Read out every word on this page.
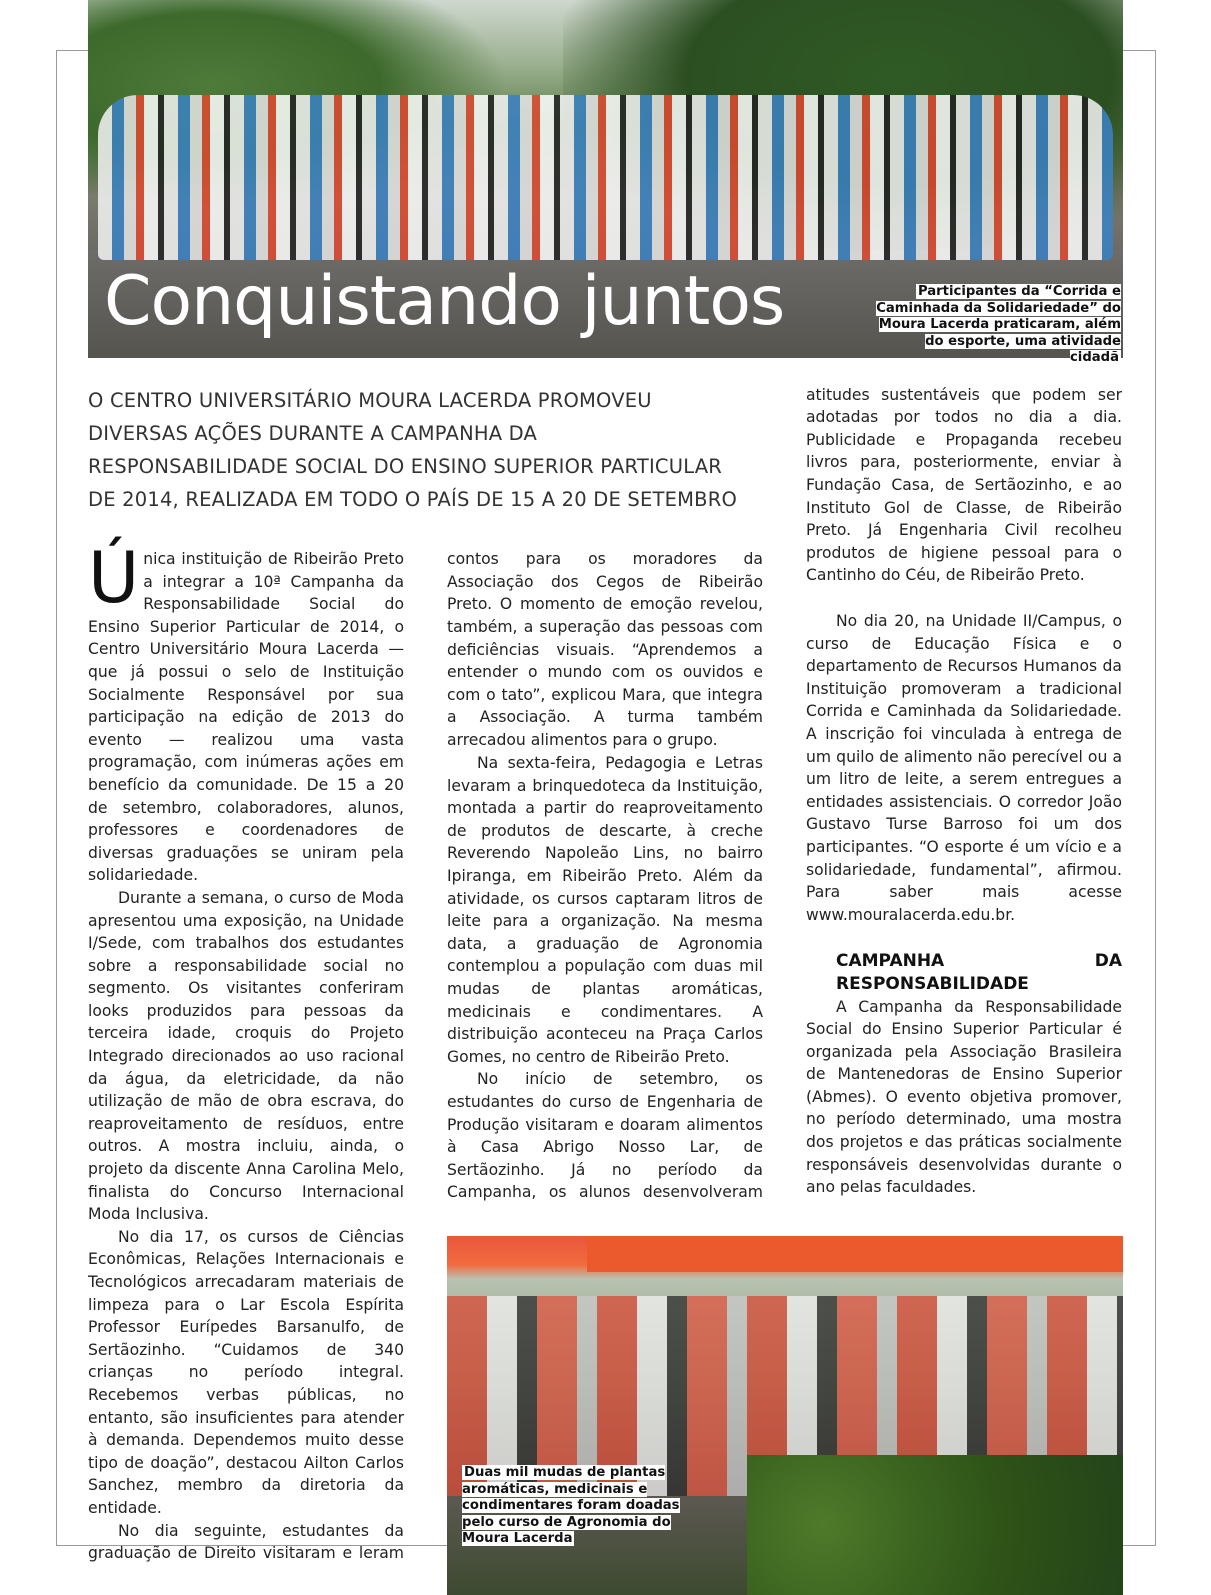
Conquistando juntos	Participantes da “Corrida e Caminhada da Solidariedade” do Moura Lacerda praticaram, além do esporte, uma atividade cidadã
O CENTRO UNIVERSITÁRIO MOURA LACERDA PROMOVEU DIVERSAS AÇÕES DURANTE A CAMPANHA DA RESPONSABILIDADE SOCIAL DO ENSINO SUPERIOR PARTICULAR DE 2014, REALIZADA EM TODO O PAÍS DE 15 A 20 DE SETEMBRO

Única instituição de Ribeirão Preto a integrar a 10ª Campanha da Responsabilidade Social do Ensino Superior Particular de 2014, o Centro Universitário Moura Lacerda — que já possui o selo de Instituição Socialmente Responsável por sua participação na edição de 2013 do evento — realizou uma vasta programação, com inúmeras ações em benefício da comunidade. De 15 a 20 de setembro, colaboradores, alunos, professores e coordenadores de diversas graduações se uniram pela solidariedade.

Durante a semana, o curso de Moda apresentou uma exposição, na Unidade I/Sede, com trabalhos dos estudantes sobre a responsabilidade social no segmento. Os visitantes conferiram looks produzidos para pessoas da terceira idade, croquis do Projeto Integrado direcionados ao uso racional da água, da eletricidade, da não utilização de mão de obra escrava, do reaproveitamento de resíduos, entre outros. A mostra incluiu, ainda, o projeto da discente Anna Carolina Melo, finalista do Concurso Internacional Moda Inclusiva.

No dia 17, os cursos de Ciências Econômicas, Relações Internacionais e Tecnológicos arrecadaram materiais de limpeza para o Lar Escola Espírita Professor Eurípedes Barsanulfo, de Sertãozinho. “Cuidamos de 340 crianças no período integral. Recebemos verbas públicas, no entanto, são insuficientes para atender à demanda. Dependemos muito desse tipo de doação”, destacou Ailton Carlos Sanchez, membro da diretoria da entidade.

No dia seguinte, estudantes da graduação de Direito visitaram e leram

contos para os moradores da Associação dos Cegos de Ribeirão Preto. O momento de emoção revelou, também, a superação das pessoas com deficiências visuais. “Aprendemos a entender o mundo com os ouvidos e com o tato”, explicou Mara, que integra a Associação. A turma também arrecadou alimentos para o grupo.

Na sexta-feira, Pedagogia e Letras levaram a brinquedoteca da Instituição, montada a partir do reaproveitamento de produtos de descarte, à creche Reverendo Napoleão Lins, no bairro Ipiranga, em Ribeirão Preto. Além da atividade, os cursos captaram litros de leite para a organização. Na mesma data, a graduação de Agronomia contemplou a população com duas mil mudas de plantas aromáticas, medicinais e condimentares. A distribuição aconteceu na Praça Carlos Gomes, no centro de Ribeirão Preto.

No início de setembro, os estudantes do curso de Engenharia de Produção visitaram e doaram alimentos à Casa Abrigo Nosso Lar, de Sertãozinho. Já no período da Campanha, os alunos desenvolveram

atitudes sustentáveis que podem ser adotadas por todos no dia a dia. Publicidade e Propaganda recebeu livros para, posteriormente, enviar à Fundação Casa, de Sertãozinho, e ao Instituto Gol de Classe, de Ribeirão Preto. Já Engenharia Civil recolheu produtos de higiene pessoal para o Cantinho do Céu, de Ribeirão Preto.

No dia 20, na Unidade II/Campus, o curso de Educação Física e o departamento de Recursos Humanos da Instituição promoveram a tradicional Corrida e Caminhada da Solidariedade. A inscrição foi vinculada à entrega de um quilo de alimento não perecível ou a um litro de leite, a serem entregues a entidades assistenciais. O corredor João Gustavo Turse Barroso foi um dos participantes. “O esporte é um vício e a solidariedade, fundamental”, afirmou. Para saber mais acesse www.mouralacerda.edu.br.

CAMPANHA DA RESPONSABILIDADE

A Campanha da Responsabilidade Social do Ensino Superior Particular é organizada pela Associação Brasileira de Mantenedoras de Ensino Superior (Abmes). O evento objetiva promover, no período determinado, uma mostra dos projetos e das práticas socialmente responsáveis desenvolvidas durante o ano pelas faculdades.

Duas mil mudas de plantas aromáticas, medicinais e condimentares foram doadas pelo curso de Agronomia do Moura Lacerda
